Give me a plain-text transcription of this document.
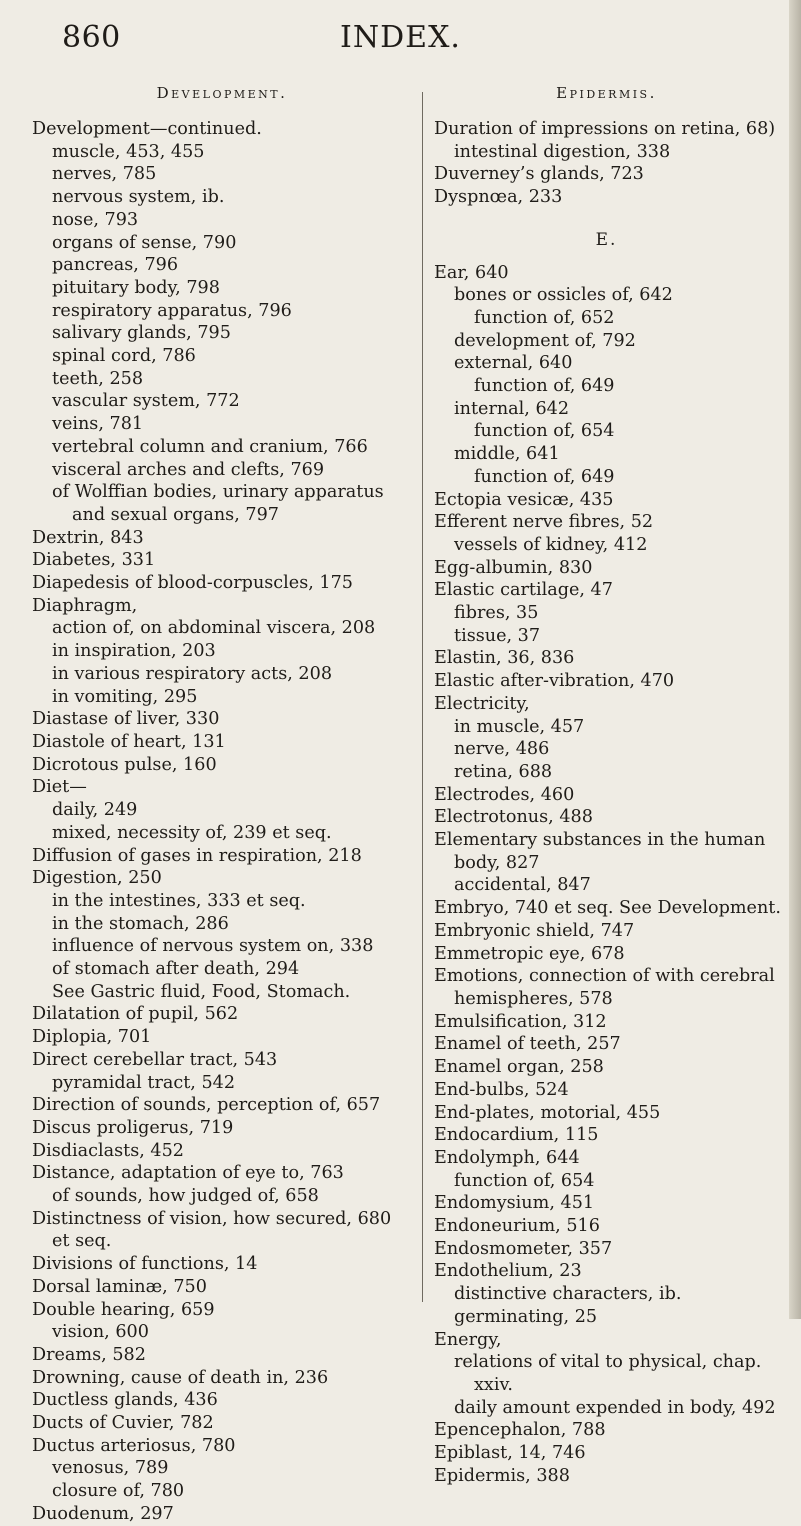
860	INDEX.
Development.
Development—continued.
muscle, 453, 455
nerves, 785
nervous system, ib.
nose, 793
organs of sense, 790
pancreas, 796
pituitary body, 798
respiratory apparatus, 796
salivary glands, 795
spinal cord, 786
teeth, 258
vascular system, 772
veins, 781
vertebral column and cranium, 766
visceral arches and clefts, 769
of Wolffian bodies, urinary apparatus
and sexual organs, 797
Dextrin, 843
Diabetes, 331
Diapedesis of blood-corpuscles, 175
Diaphragm,
action of, on abdominal viscera, 208
in inspiration, 203
in various respiratory acts, 208
in vomiting, 295
Diastase of liver, 330
Diastole of heart, 131
Dicrotous pulse, 160
Diet—
daily, 249
mixed, necessity of, 239 et seq.
Diffusion of gases in respiration, 218
Digestion, 250
in the intestines, 333 et seq.
in the stomach, 286
influence of nervous system on, 338
of stomach after death, 294
See Gastric fluid, Food, Stomach.
Dilatation of pupil, 562
Diplopia, 701
Direct cerebellar tract, 543
pyramidal tract, 542
Direction of sounds, perception of, 657
Discus proligerus, 719
Disdiaclasts, 452
Distance, adaptation of eye to, 763
of sounds, how judged of, 658
Distinctness of vision, how secured, 680
et seq.
Divisions of functions, 14
Dorsal laminæ, 750
Double hearing, 659
vision, 600
Dreams, 582
Drowning, cause of death in, 236
Ductless glands, 436
Ducts of Cuvier, 782
Ductus arteriosus, 780
venosus, 789
closure of, 780
Duodenum, 297
Epidermis.
Duration of impressions on retina, 68)
intestinal digestion, 338
Duverney’s glands, 723
Dyspnœa, 233
E.
Ear, 640
bones or ossicles of, 642
function of, 652
development of, 792
external, 640
function of, 649
internal, 642
function of, 654
middle, 641
function of, 649
Ectopia vesicæ, 435
Efferent nerve fibres, 52
vessels of kidney, 412
Egg-albumin, 830
Elastic cartilage, 47
fibres, 35
tissue, 37
Elastin, 36, 836
Elastic after-vibration, 470
Electricity,
in muscle, 457
nerve, 486
retina, 688
Electrodes, 460
Electrotonus, 488
Elementary substances in the human
body, 827
accidental, 847
Embryo, 740 et seq. See Development.
Embryonic shield, 747
Emmetropic eye, 678
Emotions, connection of with cerebral
hemispheres, 578
Emulsification, 312
Enamel of teeth, 257
Enamel organ, 258
End-bulbs, 524
End-plates, motorial, 455
Endocardium, 115
Endolymph, 644
function of, 654
Endomysium, 451
Endoneurium, 516
Endosmometer, 357
Endothelium, 23
distinctive characters, ib.
germinating, 25
Energy,
relations of vital to physical, chap.
xxiv.
daily amount expended in body, 492
Epencephalon, 788
Epiblast, 14, 746
Epidermis, 388
